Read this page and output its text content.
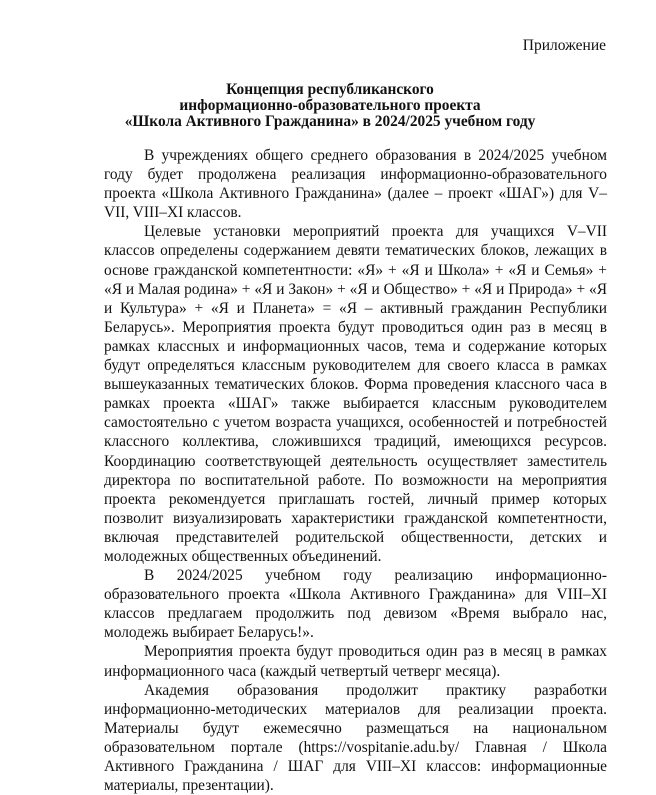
Приложение
Концепция республиканского
информационно-образовательного проекта
«Школа Активного Гражданина» в 2024/2025 учебном году

В учреждениях общего среднего образования в 2024/2025 учебном году будет продолжена реализация информационно-образовательного проекта «Школа Активного Гражданина» (далее – проект «ШАГ») для V–VII, VIII–XI классов.

Целевые установки мероприятий проекта для учащихся V–VII классов определены содержанием девяти тематических блоков, лежащих в основе гражданской компетентности: «Я» + «Я и Школа» + «Я и Семья» + «Я и Малая родина» + «Я и Закон» + «Я и Общество» + «Я и Природа» + «Я и Культура» + «Я и Планета» = «Я – активный гражданин Республики Беларусь». Мероприятия проекта будут проводиться один раз в месяц в рамках классных и информационных часов, тема и содержание которых будут определяться классным руководителем для своего класса в рамках вышеуказанных тематических блоков. Форма проведения классного часа в рамках проекта «ШАГ» также выбирается классным руководителем самостоятельно с учетом возраста учащихся, особенностей и потребностей классного коллектива, сложившихся традиций, имеющихся ресурсов. Координацию соответствующей деятельность осуществляет заместитель директора по воспитательной работе. По возможности на мероприятия проекта рекомендуется приглашать гостей, личный пример которых позволит визуализировать характеристики гражданской компетентности, включая представителей родительской общественности, детских и молодежных общественных объединений.

В 2024/2025 учебном году реализацию информационно-образовательного проекта «Школа Активного Гражданина» для VIII–XI классов предлагаем продолжить под девизом «Время выбрало нас, молодежь выбирает Беларусь!».

Мероприятия проекта будут проводиться один раз в месяц в рамках информационного часа (каждый четвертый четверг месяца).

Академия образования продолжит практику разработки информационно-методических материалов для реализации проекта. Материалы будут ежемесячно размещаться на национальном образовательном портале (https://vospitanie.adu.by/ Главная / Школа Активного Гражданина / ШАГ для VIII–XI классов: информационные материалы, презентации).
